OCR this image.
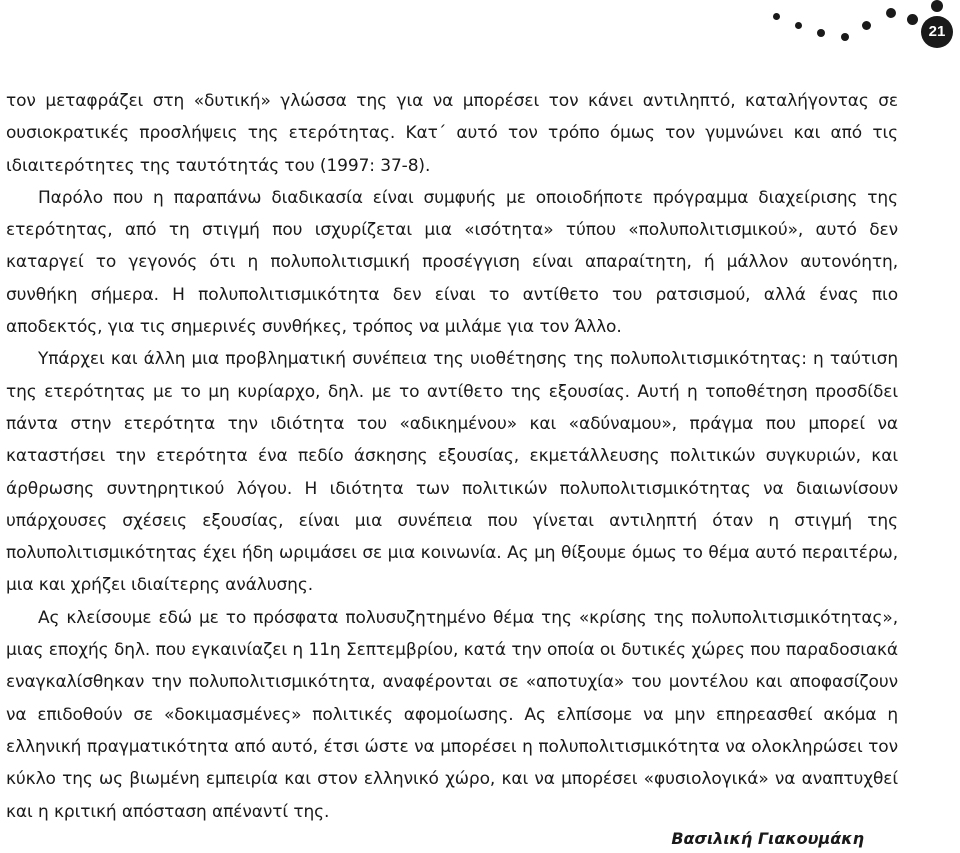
21

τον μεταφράζει στη «δυτική» γλώσσα της για να μπορέσει τον κάνει αντιληπτό, καταλήγοντας σε ουσιοκρατικές προσλήψεις της ετερότητας. Κατ΄ αυτό τον τρόπο όμως τον γυμνώνει και από τις ιδιαιτερότητες της ταυτότητάς του (1997: 37-8).

Παρόλο που η παραπάνω διαδικασία είναι συμφυής με οποιοδήποτε πρόγραμμα διαχείρισης της ετερότητας, από τη στιγμή που ισχυρίζεται μια «ισότητα» τύπου «πολυπολιτισμικού», αυτό δεν καταργεί το γεγονός ότι η πολυπολιτισμική προσέγγιση είναι απαραίτητη, ή μάλλον αυτονόητη, συνθήκη σήμερα. Η πολυπολιτισμικότητα δεν είναι το αντίθετο του ρατσισμού, αλλά ένας πιο αποδεκτός, για τις σημερινές συνθήκες, τρόπος να μιλάμε για τον Άλλο.

Υπάρχει και άλλη μια προβληματική συνέπεια της υιοθέτησης της πολυπολιτισμικότητας: η ταύτιση της ετερότητας με το μη κυρίαρχο, δηλ. με το αντίθετο της εξουσίας. Αυτή η τοποθέτηση προσδίδει πάντα στην ετερότητα την ιδιότητα του «αδικημένου» και «αδύναμου», πράγμα που μπορεί να καταστήσει την ετερότητα ένα πεδίο άσκησης εξουσίας, εκμετάλλευσης πολιτικών συγκυριών, και άρθρωσης συντηρητικού λόγου. Η ιδιότητα των πολιτικών πολυπολιτισμικότητας να διαιωνίσουν υπάρχουσες σχέσεις εξουσίας, είναι μια συνέπεια που γίνεται αντιληπτή όταν η στιγμή της πολυπολιτισμικότητας έχει ήδη ωριμάσει σε μια κοινωνία. Ας μη θίξουμε όμως το θέμα αυτό περαιτέρω, μια και χρήζει ιδιαίτερης ανάλυσης.

Ας κλείσουμε εδώ με το πρόσφατα πολυσυζητημένο θέμα της «κρίσης της πολυπολιτισμικότητας», μιας εποχής δηλ. που εγκαινίαζει η 11η Σεπτεμβρίου, κατά την οποία οι δυτικές χώρες που παραδοσιακά εναγκαλίσθηκαν την πολυπολιτισμικότητα, αναφέρονται σε «αποτυχία» του μοντέλου και αποφασίζουν να επιδοθούν σε «δοκιμασμένες» πολιτικές αφομοίωσης. Ας ελπίσομε να μην επηρεασθεί ακόμα η ελληνική πραγματικότητα από αυτό, έτσι ώστε να μπορέσει η πολυπολιτισμικότητα να ολοκληρώσει τον κύκλο της ως βιωμένη εμπειρία και στον ελληνικό χώρο, και να μπορέσει «φυσιολογικά» να αναπτυχθεί και η κριτική απόσταση απέναντί της.

Βασιλική Γιακουμάκη
